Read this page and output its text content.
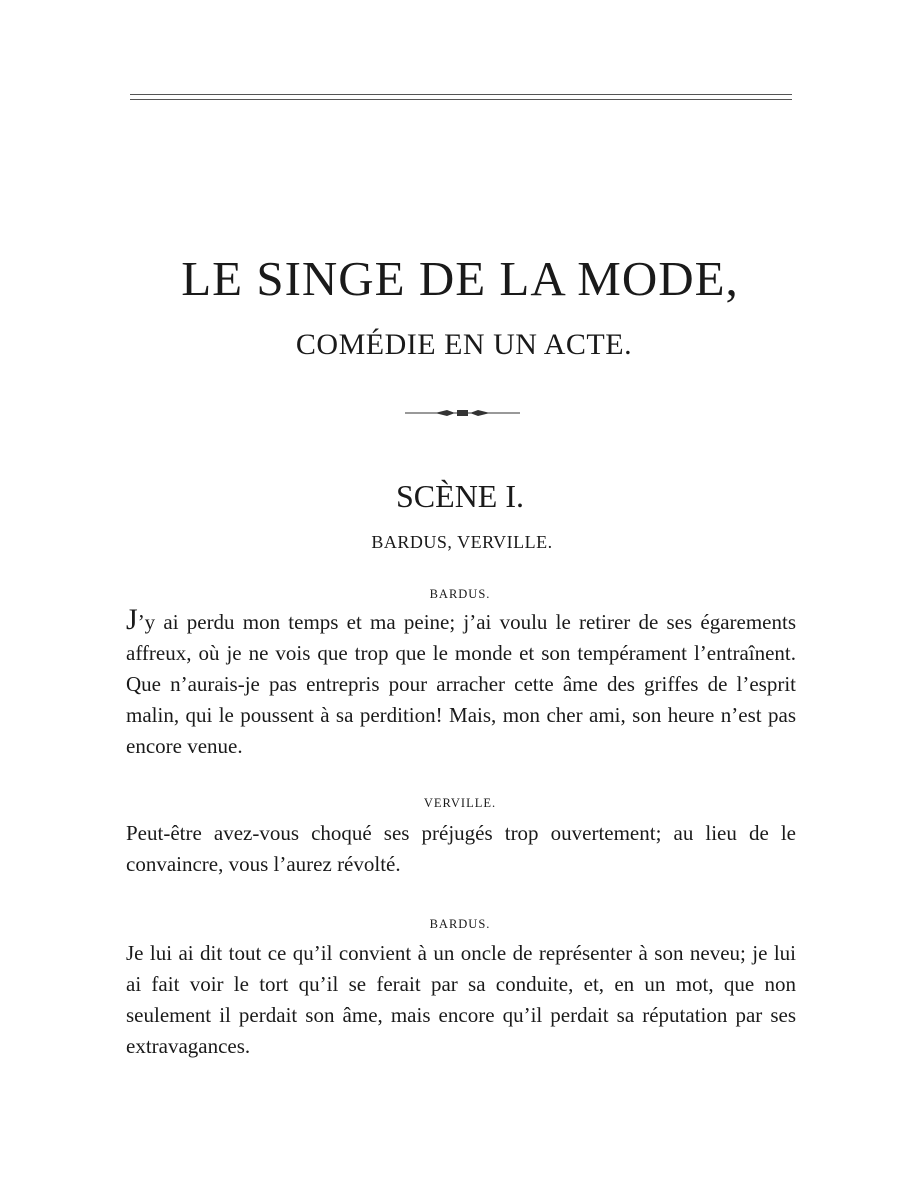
LE SINGE DE LA MODE,
COMÉDIE EN UN ACTE.
SCÈNE I.

BARDUS, VERVILLE.

BARDUS.

J’y ai perdu mon temps et ma peine; j’ai voulu le retirer de ses égarements affreux, où je ne vois que trop que le monde et son tempérament l’entraînent. Que n’aurais-je pas entrepris pour arracher cette âme des griffes de l’esprit malin, qui le poussent à sa perdition! Mais, mon cher ami, son heure n’est pas encore venue.

VERVILLE.

Peut-être avez-vous choqué ses préjugés trop ouvertement; au lieu de le convaincre, vous l’aurez révolté.

BARDUS.

Je lui ai dit tout ce qu’il convient à un oncle de représenter à son neveu; je lui ai fait voir le tort qu’il se ferait par sa conduite, et, en un mot, que non seulement il perdait son âme, mais encore qu’il perdait sa réputation par ses extravagances.
